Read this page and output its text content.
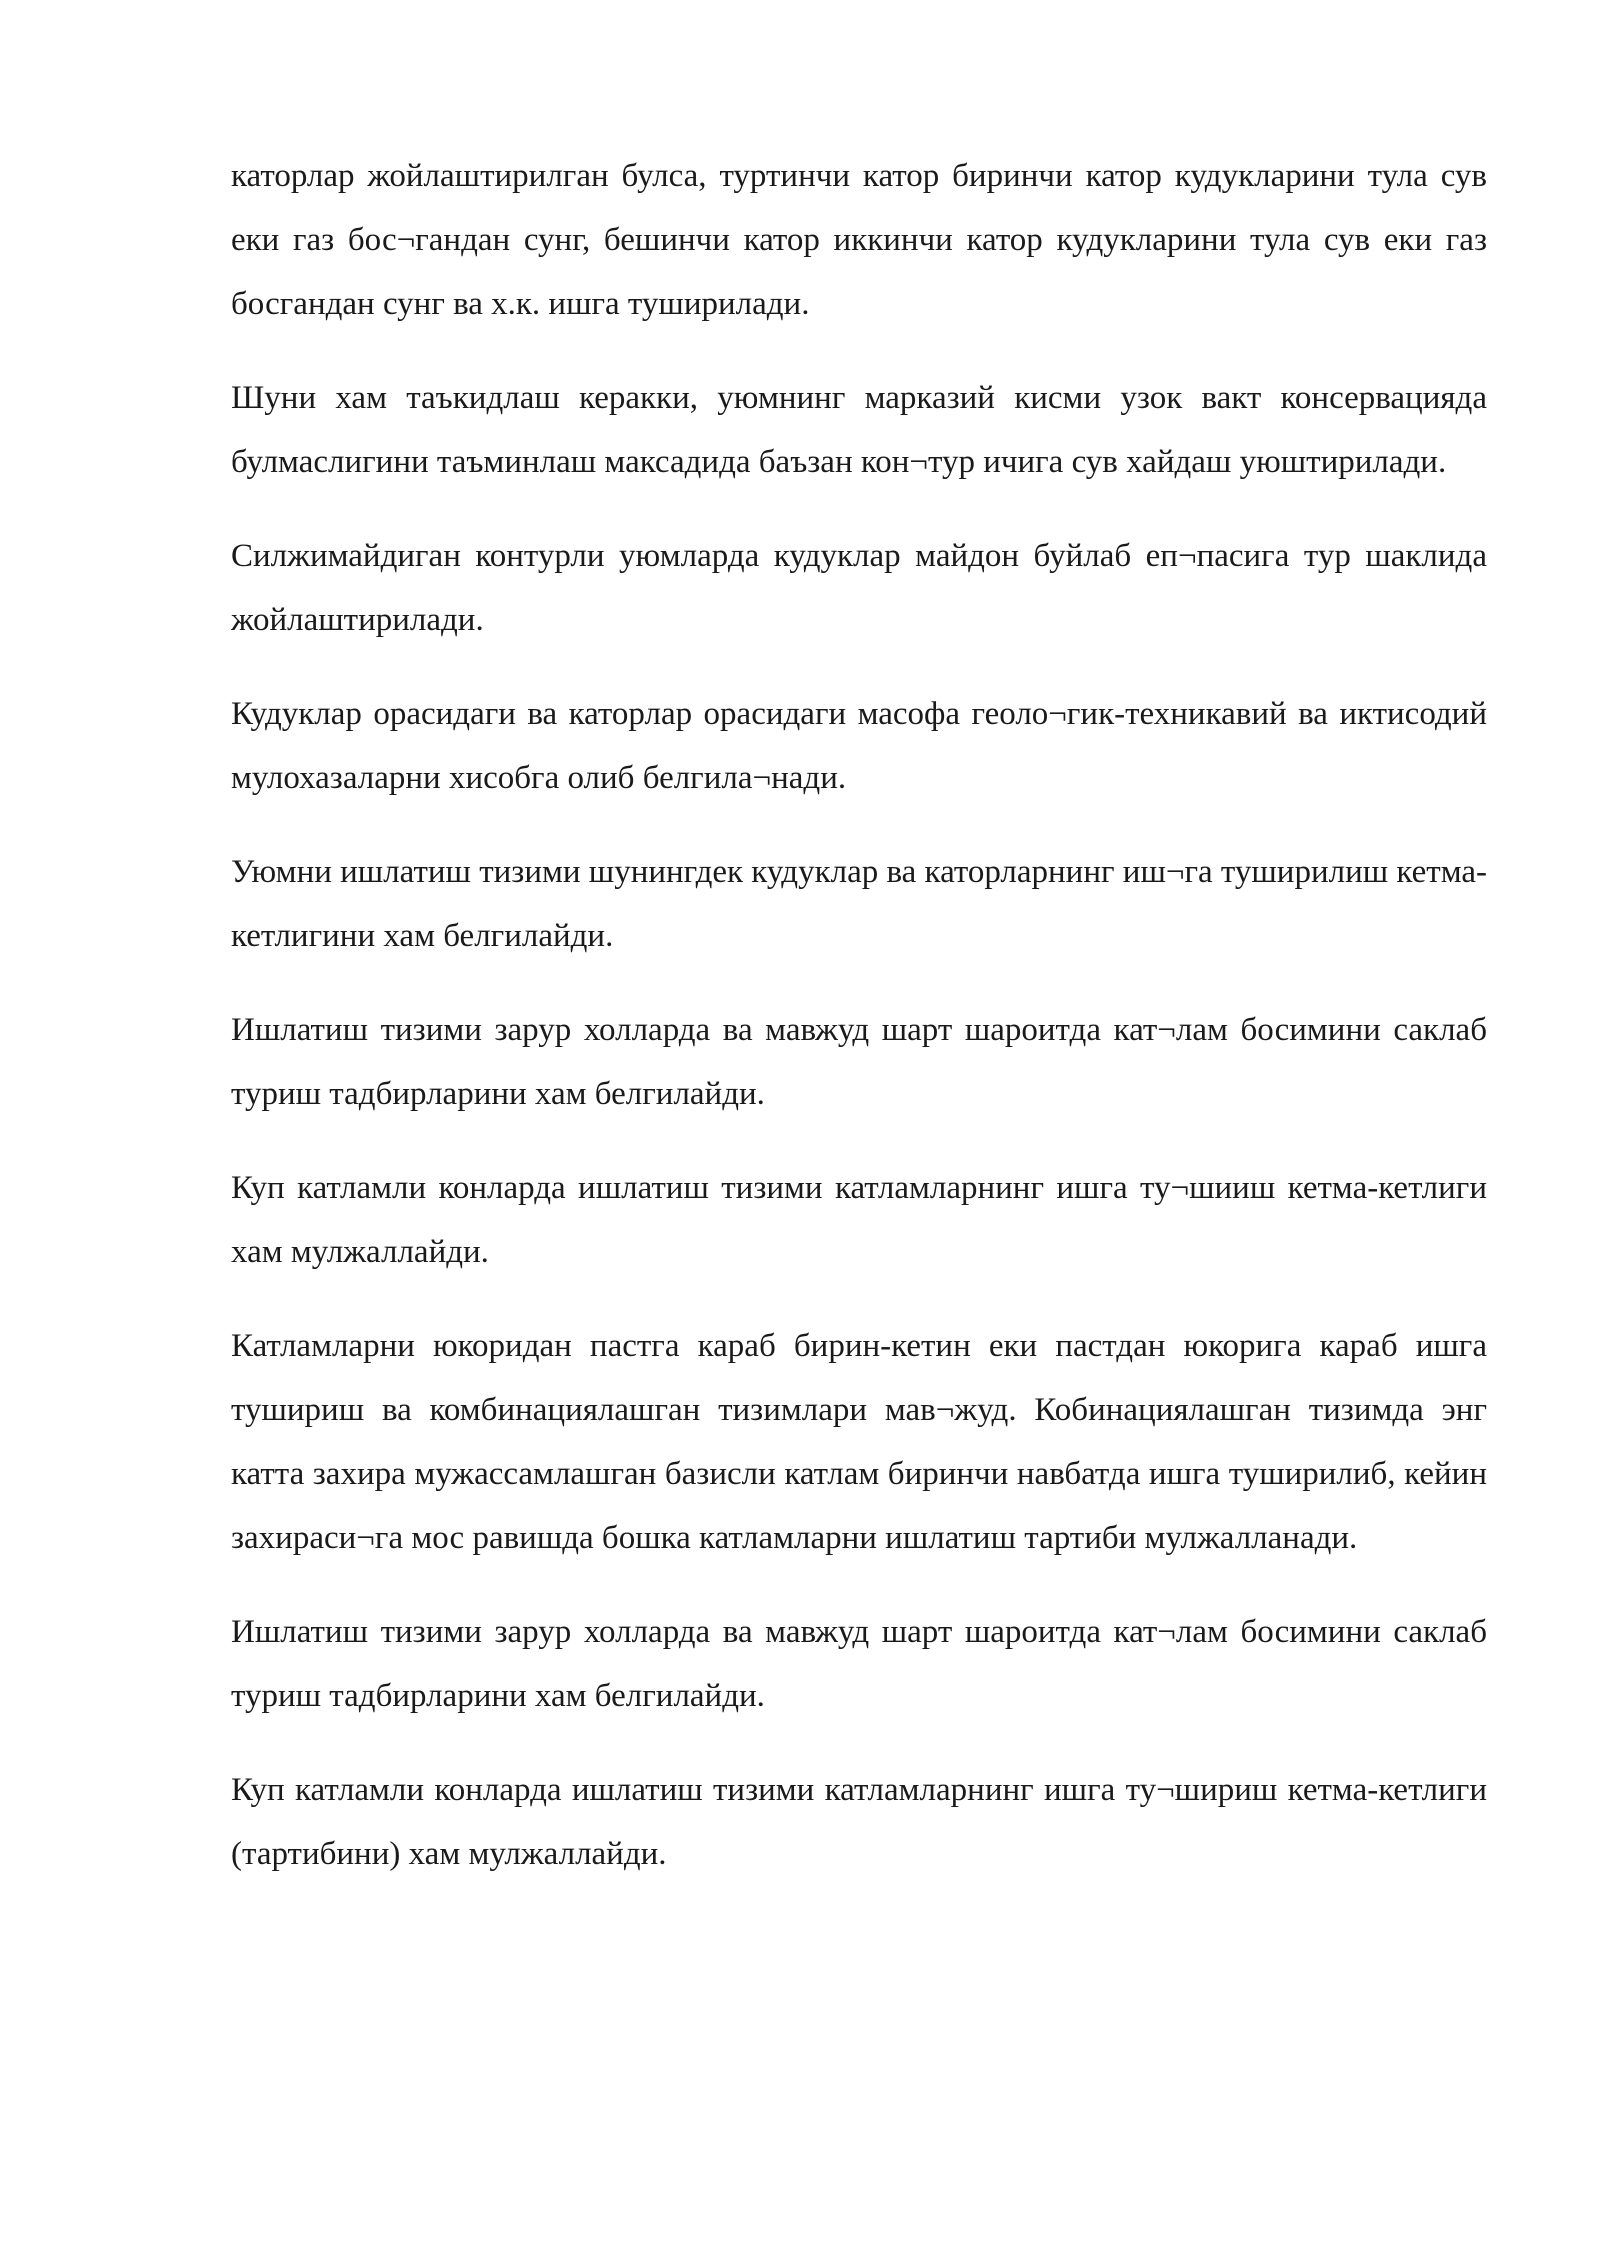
каторлар жойлаштирилган булса, туртинчи катор биринчи катор кудукларини тула сув еки газ бос¬гандан сунг, бешинчи катор иккинчи катор кудукларини тула сув еки газ босгандан сунг ва х.к. ишга туширилади.

Шуни хам таъкидлаш керакки, уюмнинг марказий кисми узок вакт консервацияда булмаслигини таъминлаш максадида баъзан кон¬тур ичига сув хайдаш уюштирилади.

Силжимайдиган контурли уюмларда кудуклар майдон буйлаб еп¬пасига тур шаклида жойлаштирилади.

Кудуклар орасидаги ва каторлар орасидаги масофа геоло¬гик-техникавий ва иктисодий мулохазаларни хисобга олиб белгила¬нади.

Уюмни ишлатиш тизими шунингдек кудуклар ва каторларнинг иш¬га туширилиш кетма-кетлигини хам белгилайди.

Ишлатиш тизими зарур холларда ва мавжуд шарт шароитда кат¬лам босимини саклаб туриш тадбирларини хам белгилайди.

Куп катламли конларда ишлатиш тизими катламларнинг ишга ту¬шииш кетма-кетлиги хам мулжаллайди.

Катламларни юкоридан пастга караб бирин-кетин еки пастдан юкорига караб ишга тушириш ва комбинациялашган тизимлари мав¬жуд. Кобинациялашган тизимда энг катта захира мужассамлашган базисли катлам биринчи навбатда ишга туширилиб, кейин захираси¬га мос равишда бошка катламларни ишлатиш тартиби мулжалланади.

Ишлатиш тизими зарур холларда ва мавжуд шарт шароитда кат¬лам босимини саклаб туриш тадбирларини хам белгилайди.

Куп катламли конларда ишлатиш тизими катламларнинг ишга ту¬шириш кетма-кетлиги (тартибини) хам мулжаллайди.
